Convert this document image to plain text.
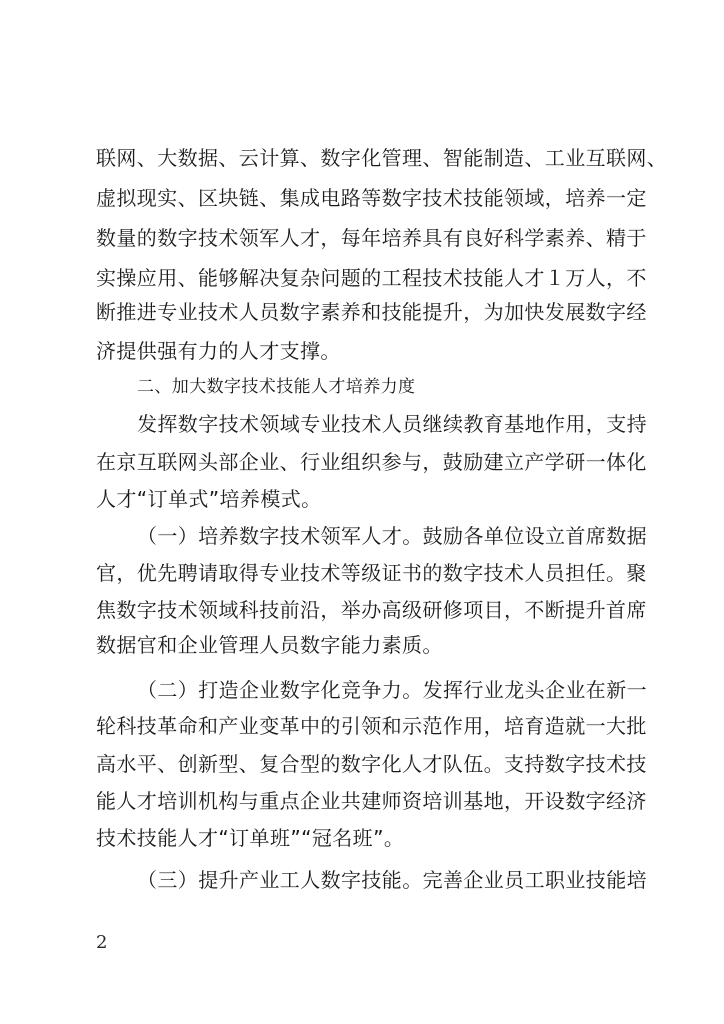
联网、大数据、云计算、数字化管理、智能制造、工业互联网、
虚拟现实、区块链、集成电路等数字技术技能领域，培养一定
数量的数字技术领军人才，每年培养具有良好科学素养、精于
实操应用、能够解决复杂问题的工程技术技能人才１万人，不
断推进专业技术人员数字素养和技能提升，为加快发展数字经
济提供强有力的人才支撑。
二、加大数字技术技能人才培养力度
发挥数字技术领域专业技术人员继续教育基地作用，支持
在京互联网头部企业、行业组织参与，鼓励建立产学研一体化
人才“订单式”培养模式。
（一）培养数字技术领军人才。鼓励各单位设立首席数据
官，优先聘请取得专业技术等级证书的数字技术人员担任。聚
焦数字技术领域科技前沿，举办高级研修项目，不断提升首席
数据官和企业管理人员数字能力素质。
（二）打造企业数字化竞争力。发挥行业龙头企业在新一
轮科技革命和产业变革中的引领和示范作用，培育造就一大批
高水平、创新型、复合型的数字化人才队伍。支持数字技术技
能人才培训机构与重点企业共建师资培训基地，开设数字经济
技术技能人才“订单班”“冠名班”。
（三）提升产业工人数字技能。完善企业员工职业技能培
2
